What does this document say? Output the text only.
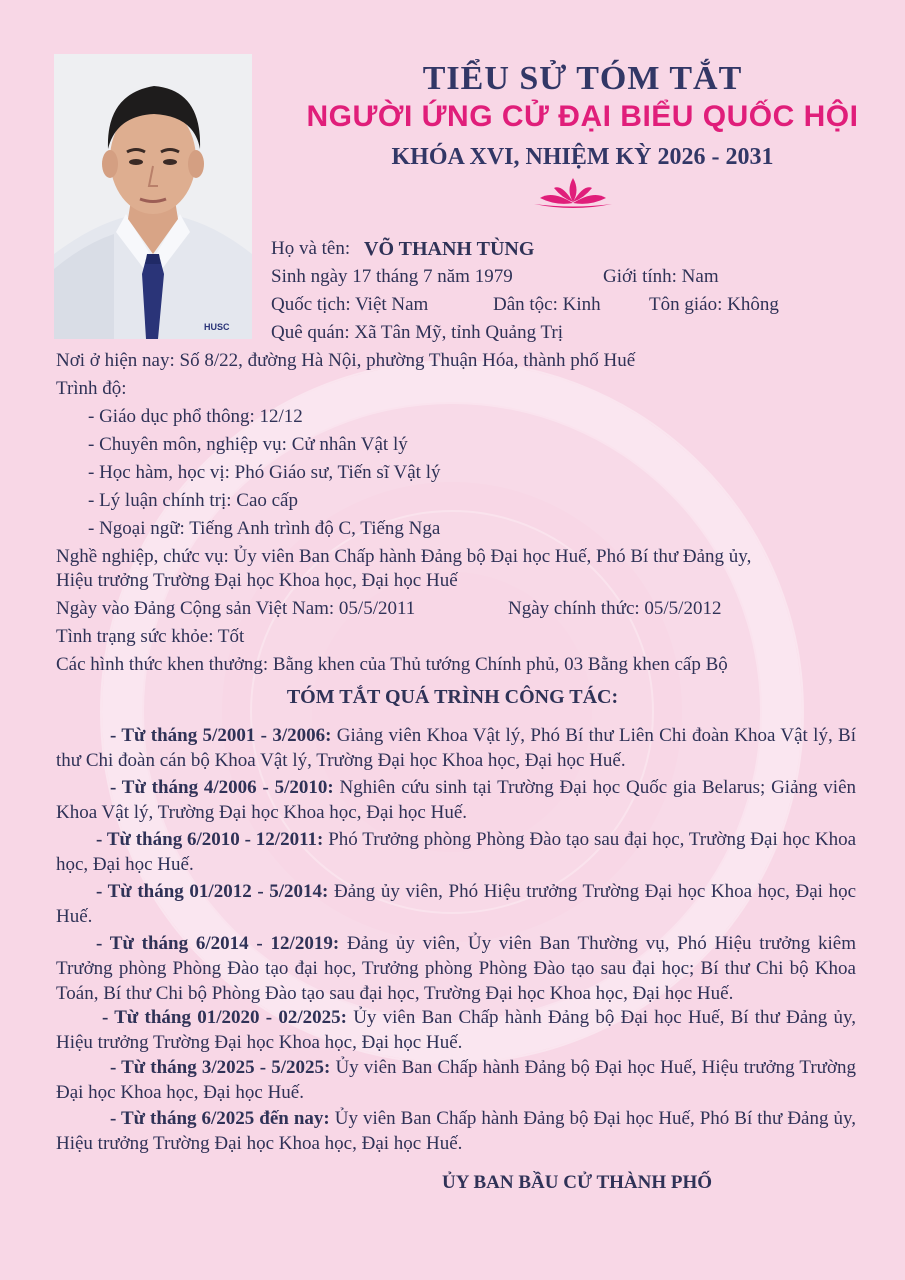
HUSC
TIỂU SỬ TÓM TẮT
NGƯỜI ỨNG CỬ ĐẠI BIỂU QUỐC HỘI
KHÓA XVI, NHIỆM KỲ 2026 - 2031
Họ và tên: VÕ THANH TÙNG
Sinh ngày 17 tháng 7 năm 1979	Giới tính: Nam
Quốc tịch: Việt Nam	Dân tộc: Kinh	Tôn giáo: Không
Quê quán: Xã Tân Mỹ, tỉnh Quảng Trị
Nơi ở hiện nay: Số 8/22, đường Hà Nội, phường Thuận Hóa, thành phố Huế
Trình độ:
- Giáo dục phổ thông: 12/12
- Chuyên môn, nghiệp vụ: Cử nhân Vật lý
- Học hàm, học vị: Phó Giáo sư, Tiến sĩ Vật lý
- Lý luận chính trị: Cao cấp
- Ngoại ngữ: Tiếng Anh trình độ C, Tiếng Nga
Nghề nghiệp, chức vụ: Ủy viên Ban Chấp hành Đảng bộ Đại học Huế, Phó Bí thư Đảng ủy,
Hiệu trưởng Trường Đại học Khoa học, Đại học Huế
Ngày vào Đảng Cộng sản Việt Nam: 05/5/2011	Ngày chính thức: 05/5/2012
Tình trạng sức khỏe: Tốt
Các hình thức khen thưởng: Bằng khen của Thủ tướng Chính phủ, 03 Bằng khen cấp Bộ
TÓM TẮT QUÁ TRÌNH CÔNG TÁC:
- Từ tháng 5/2001 - 3/2006: Giảng viên Khoa Vật lý, Phó Bí thư Liên Chi đoàn Khoa Vật lý, Bí thư Chi đoàn cán bộ Khoa Vật lý, Trường Đại học Khoa học, Đại học Huế.
- Từ tháng 4/2006 - 5/2010: Nghiên cứu sinh tại Trường Đại học Quốc gia Belarus; Giảng viên Khoa Vật lý, Trường Đại học Khoa học, Đại học Huế.
- Từ tháng 6/2010 - 12/2011: Phó Trưởng phòng Phòng Đào tạo sau đại học, Trường Đại học Khoa học, Đại học Huế.
- Từ tháng 01/2012 - 5/2014: Đảng ủy viên, Phó Hiệu trưởng Trường Đại học Khoa học, Đại học Huế.
- Từ tháng 6/2014 - 12/2019: Đảng ủy viên, Ủy viên Ban Thường vụ, Phó Hiệu trưởng kiêm Trưởng phòng Phòng Đào tạo đại học, Trưởng phòng Phòng Đào tạo sau đại học; Bí thư Chi bộ Khoa Toán, Bí thư Chi bộ Phòng Đào tạo sau đại học, Trường Đại học Khoa học, Đại học Huế.
- Từ tháng 01/2020 - 02/2025: Ủy viên Ban Chấp hành Đảng bộ Đại học Huế, Bí thư Đảng ủy, Hiệu trưởng Trường Đại học Khoa học, Đại học Huế.
- Từ tháng 3/2025 - 5/2025: Ủy viên Ban Chấp hành Đảng bộ Đại học Huế, Hiệu trưởng Trường Đại học Khoa học, Đại học Huế.
- Từ tháng 6/2025 đến nay: Ủy viên Ban Chấp hành Đảng bộ Đại học Huế, Phó Bí thư Đảng ủy, Hiệu trưởng Trường Đại học Khoa học, Đại học Huế.
ỦY BAN BẦU CỬ THÀNH PHỐ
